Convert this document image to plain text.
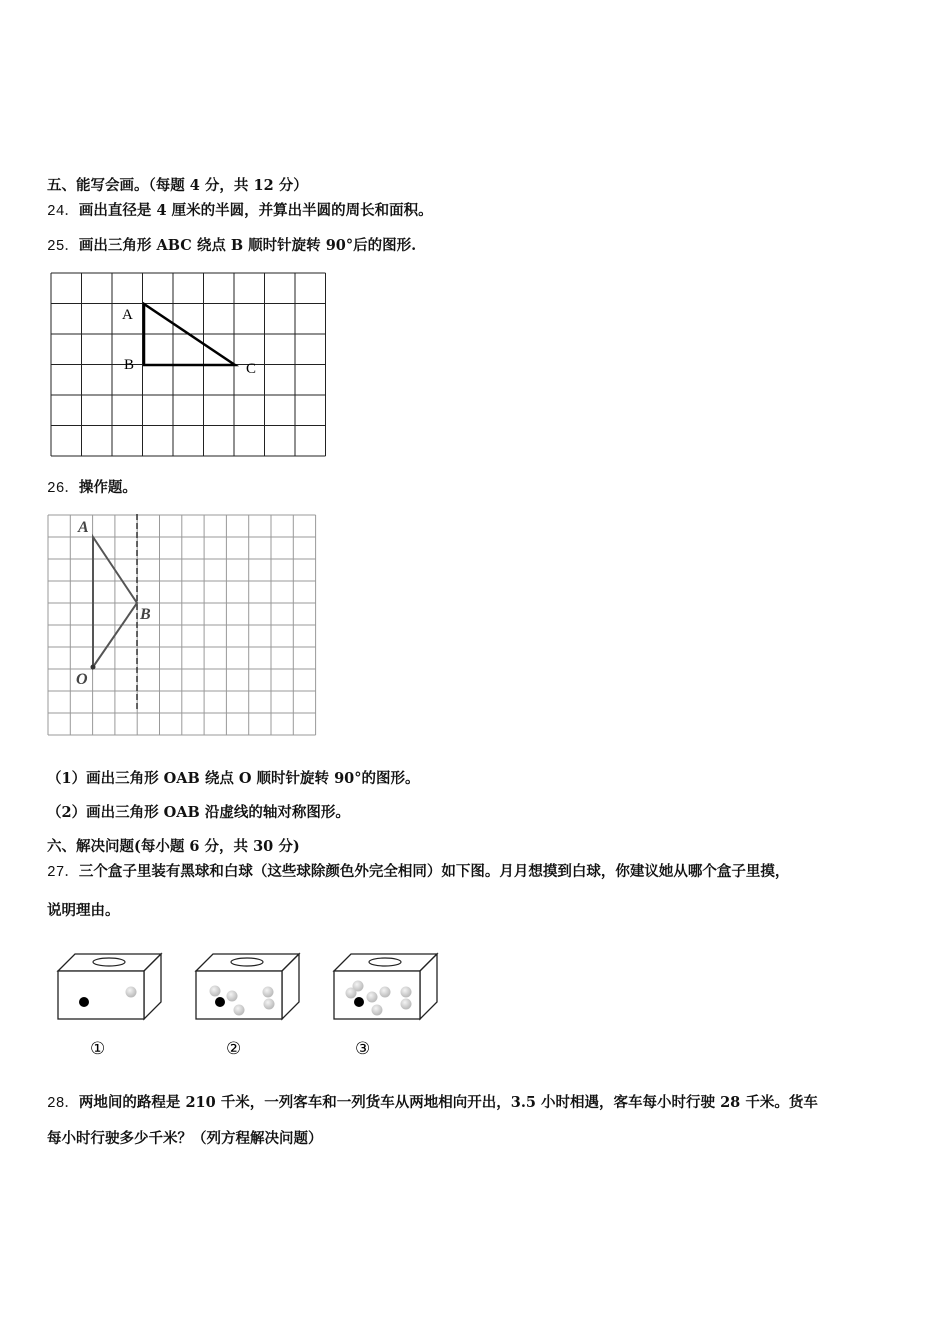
五、能写会画。（每题 4 分，共 12 分）
24．画出直径是 4 厘米的半圆，并算出半圆的周长和面积。
25．画出三角形 ABC 绕点 B 顺时针旋转 90°后的图形.
A
B	C
A
B
O
①	②	③
26．操作题。
（1）画出三角形 OAB 绕点 O 顺时针旋转 90°的图形。
（2）画出三角形 OAB 沿虚线的轴对称图形。
六、解决问题(每小题 6 分，共 30 分)
27．三个盒子里装有黑球和白球（这些球除颜色外完全相同）如下图。月月想摸到白球，你建议她从哪个盒子里摸，
说明理由。
28．两地间的路程是 210 千米，一列客车和一列货车从两地相向开出，3.5 小时相遇，客车每小时行驶 28 千米。货车
每小时行驶多少千米？（列方程解决问题）
